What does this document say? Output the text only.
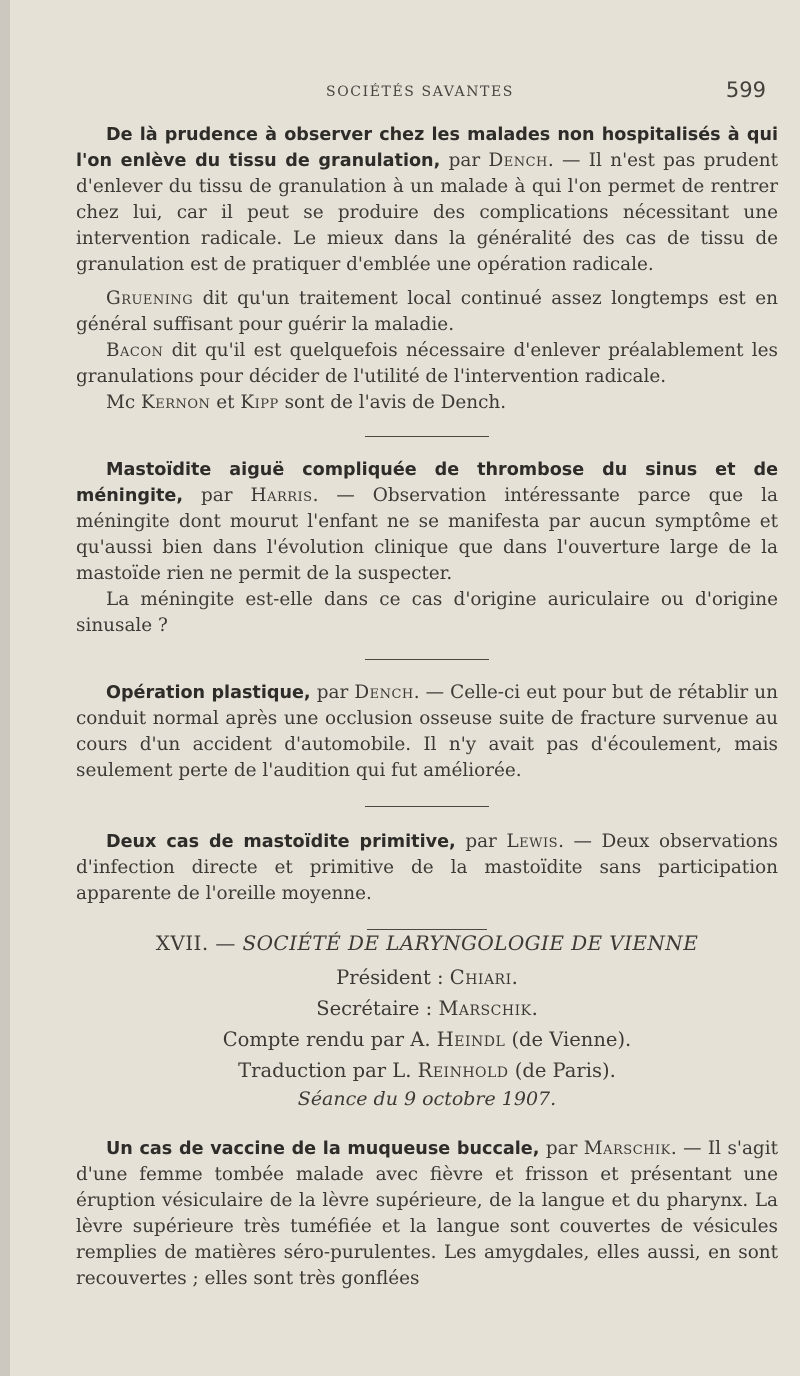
SOCIÉTÉS SAVANTES	599

De là prudence à observer chez les malades non hospitalisés à qui l'on enlève du tissu de granulation, par Dench. — Il n'est pas prudent d'enlever du tissu de granulation à un malade à qui l'on permet de rentrer chez lui, car il peut se produire des complications nécessitant une intervention radicale. Le mieux dans la généralité des cas de tissu de granulation est de pratiquer d'emblée une opération radicale.

Gruening dit qu'un traitement local continué assez longtemps est en général suffisant pour guérir la maladie.

Bacon dit qu'il est quelquefois nécessaire d'enlever préalablement les granulations pour décider de l'utilité de l'intervention radicale.

Mc Kernon et Kipp sont de l'avis de Dench.

Mastoïdite aiguë compliquée de thrombose du sinus et de méningite, par Harris. — Observation intéressante parce que la méningite dont mourut l'enfant ne se manifesta par aucun symptôme et qu'aussi bien dans l'évolution clinique que dans l'ouverture large de la mastoïde rien ne permit de la suspecter.

La méningite est-elle dans ce cas d'origine auriculaire ou d'origine sinusale ?

Opération plastique, par Dench. — Celle-ci eut pour but de rétablir un conduit normal après une occlusion osseuse suite de fracture survenue au cours d'un accident d'automobile. Il n'y avait pas d'écoulement, mais seulement perte de l'audition qui fut améliorée.

Deux cas de mastoïdite primitive, par Lewis. — Deux observations d'infection directe et primitive de la mastoïdite sans participation apparente de l'oreille moyenne.

XVII. — SOCIÉTÉ DE LARYNGOLOGIE DE VIENNE

Président : Chiari.

Secrétaire : Marschik.

Compte rendu par A. Heindl (de Vienne).

Traduction par L. Reinhold (de Paris).

Séance du 9 octobre 1907.

Un cas de vaccine de la muqueuse buccale, par Marschik. — Il s'agit d'une femme tombée malade avec fièvre et frisson et présentant une éruption vésiculaire de la lèvre supérieure, de la langue et du pharynx. La lèvre supérieure très tuméfiée et la langue sont couvertes de vésicules remplies de matières séro-purulentes. Les amygdales, elles aussi, en sont recouvertes ; elles sont très gonflées
